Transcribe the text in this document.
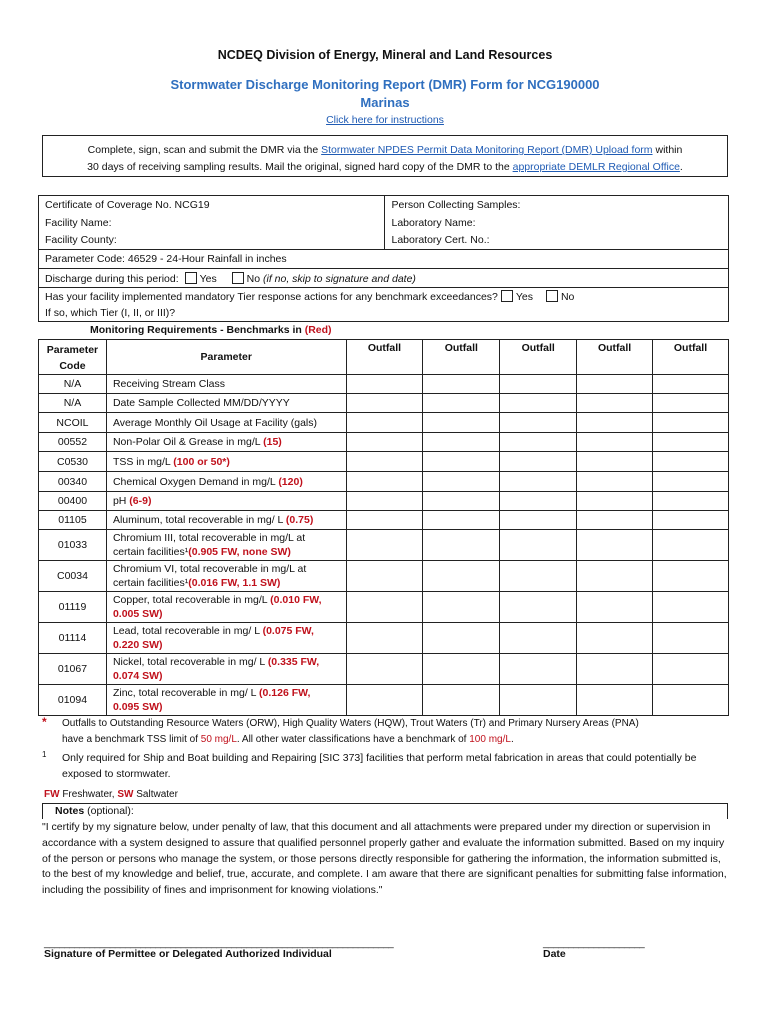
NCDEQ Division of Energy, Mineral and Land Resources
Stormwater Discharge Monitoring Report (DMR) Form for NCG190000
Marinas
Click here for instructions
Complete, sign, scan and submit the DMR via the Stormwater NPDES Permit Data Monitoring Report (DMR) Upload form within
30 days of receiving sampling results. Mail the original, signed hard copy of the DMR to the appropriate DEMLR Regional Office.
Certificate of Coverage No. NCG19	Person Collecting Samples:
Facility Name:	Laboratory Name:
Facility County:	Laboratory Cert. No.:
Parameter Code: 46529 - 24-Hour Rainfall in inches	
Discharge during this period: Yes No (if no, skip to signature and date)	
Has your facility implemented mandatory Tier response actions for any benchmark exceedances? Yes No
If so, which Tier (I, II, or III)?	
Monitoring Requirements - Benchmarks in (Red)
Parameter Code	Parameter	Outfall	Outfall	Outfall	Outfall	Outfall
N/A	Receiving Stream Class					
N/A	Date Sample Collected MM/DD/YYYY					
NCOIL	Average Monthly Oil Usage at Facility (gals)					
00552	Non-Polar Oil & Grease in mg/L (15)					
C0530	TSS in mg/L (100 or 50*)					
00340	Chemical Oxygen Demand in mg/L (120)					
00400	pH (6-9)					
01105	Aluminum, total recoverable in mg/ L (0.75)					
01033	Chromium III, total recoverable in mg/L at certain facilities¹(0.905 FW, none SW)					
C0034	Chromium VI, total recoverable in mg/L at certain facilities¹(0.016 FW, 1.1 SW)					
01119	Copper, total recoverable in mg/L (0.010 FW, 0.005 SW)					
01114	Lead, total recoverable in mg/ L (0.075 FW, 0.220 SW)					
01067	Nickel, total recoverable in mg/ L (0.335 FW, 0.074 SW)					
01094	Zinc, total recoverable in mg/ L (0.126 FW, 0.095 SW)					
* Outfalls to Outstanding Resource Waters (ORW), High Quality Waters (HQW), Trout Waters (Tr) and Primary Nursery Areas (PNA)
have a benchmark TSS limit of 50 mg/L. All other water classifications have a benchmark of 100 mg/L.
1	Only required for Ship and Boat building and Repairing [SIC 373] facilities that perform metal fabrication in areas that could potentially be exposed to stormwater.
FW Freshwater, SW Saltwater
Notes (optional):
"I certify by my signature below, under penalty of law, that this document and all attachments were prepared under my direction or supervision in accordance with a system designed to assure that qualified personnel properly gather and evaluate the information submitted. Based on my inquiry of the person or persons who manage the system, or those persons directly responsible for gathering the information, the information submitted is, to the best of my knowledge and belief, true, accurate, and complete. I am aware that there are significant penalties for submitting false information, including the possibility of fines and imprisonment for knowing violations."
_____________________________________________________________________	____________________
Signature of Permittee or Delegated Authorized Individual	Date
